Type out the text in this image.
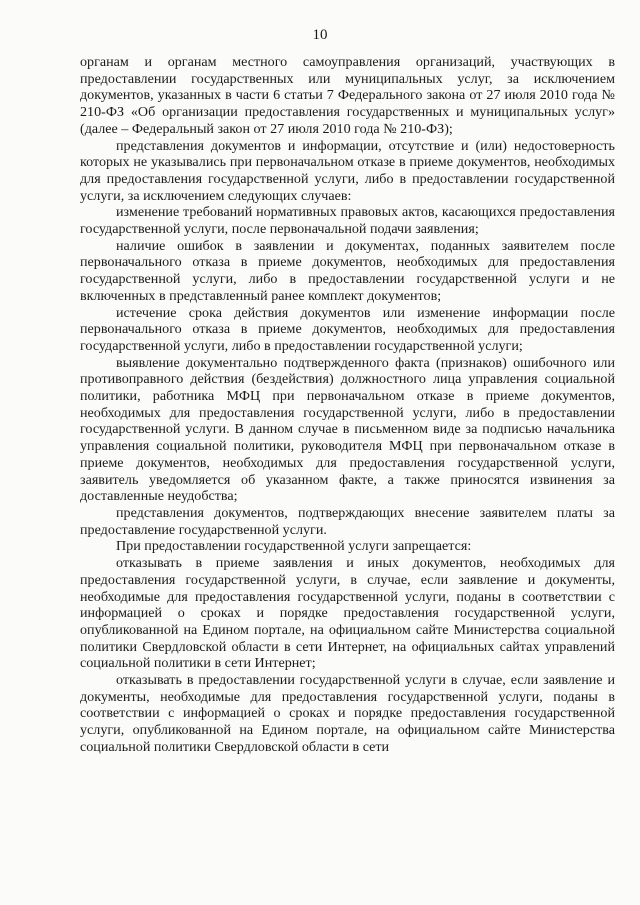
10

органам и органам местного самоуправления организаций, участвующих в предоставлении государственных или муниципальных услуг, за исключением документов, указанных в части 6 статьи 7 Федерального закона от 27 июля 2010 года № 210-ФЗ «Об организации предоставления государственных и муниципальных услуг» (далее – Федеральный закон от 27 июля 2010 года № 210-ФЗ);

представления документов и информации, отсутствие и (или) недостоверность которых не указывались при первоначальном отказе в приеме документов, необходимых для предоставления государственной услуги, либо в предоставлении государственной услуги, за исключением следующих случаев:

изменение требований нормативных правовых актов, касающихся предоставления государственной услуги, после первоначальной подачи заявления;

наличие ошибок в заявлении и документах, поданных заявителем после первоначального отказа в приеме документов, необходимых для предоставления государственной услуги, либо в предоставлении государственной услуги и не включенных в представленный ранее комплект документов;

истечение срока действия документов или изменение информации после первоначального отказа в приеме документов, необходимых для предоставления государственной услуги, либо в предоставлении государственной услуги;

выявление документально подтвержденного факта (признаков) ошибочного или противоправного действия (бездействия) должностного лица управления социальной политики, работника МФЦ при первоначальном отказе в приеме документов, необходимых для предоставления государственной услуги, либо в предоставлении государственной услуги. В данном случае в письменном виде за подписью начальника управления социальной политики, руководителя МФЦ при первоначальном отказе в приеме документов, необходимых для предоставления государственной услуги, заявитель уведомляется об указанном факте, а также приносятся извинения за доставленные неудобства;

представления документов, подтверждающих внесение заявителем платы за предоставление государственной услуги.

При предоставлении государственной услуги запрещается:

отказывать в приеме заявления и иных документов, необходимых для предоставления государственной услуги, в случае, если заявление и документы, необходимые для предоставления государственной услуги, поданы в соответствии с информацией о сроках и порядке предоставления государственной услуги, опубликованной на Едином портале, на официальном сайте Министерства социальной политики Свердловской области в сети Интернет, на официальных сайтах управлений социальной политики в сети Интернет;

отказывать в предоставлении государственной услуги в случае, если заявление и документы, необходимые для предоставления государственной услуги, поданы в соответствии с информацией о сроках и порядке предоставления государственной услуги, опубликованной на Едином портале, на официальном сайте Министерства социальной политики Свердловской области в сети
